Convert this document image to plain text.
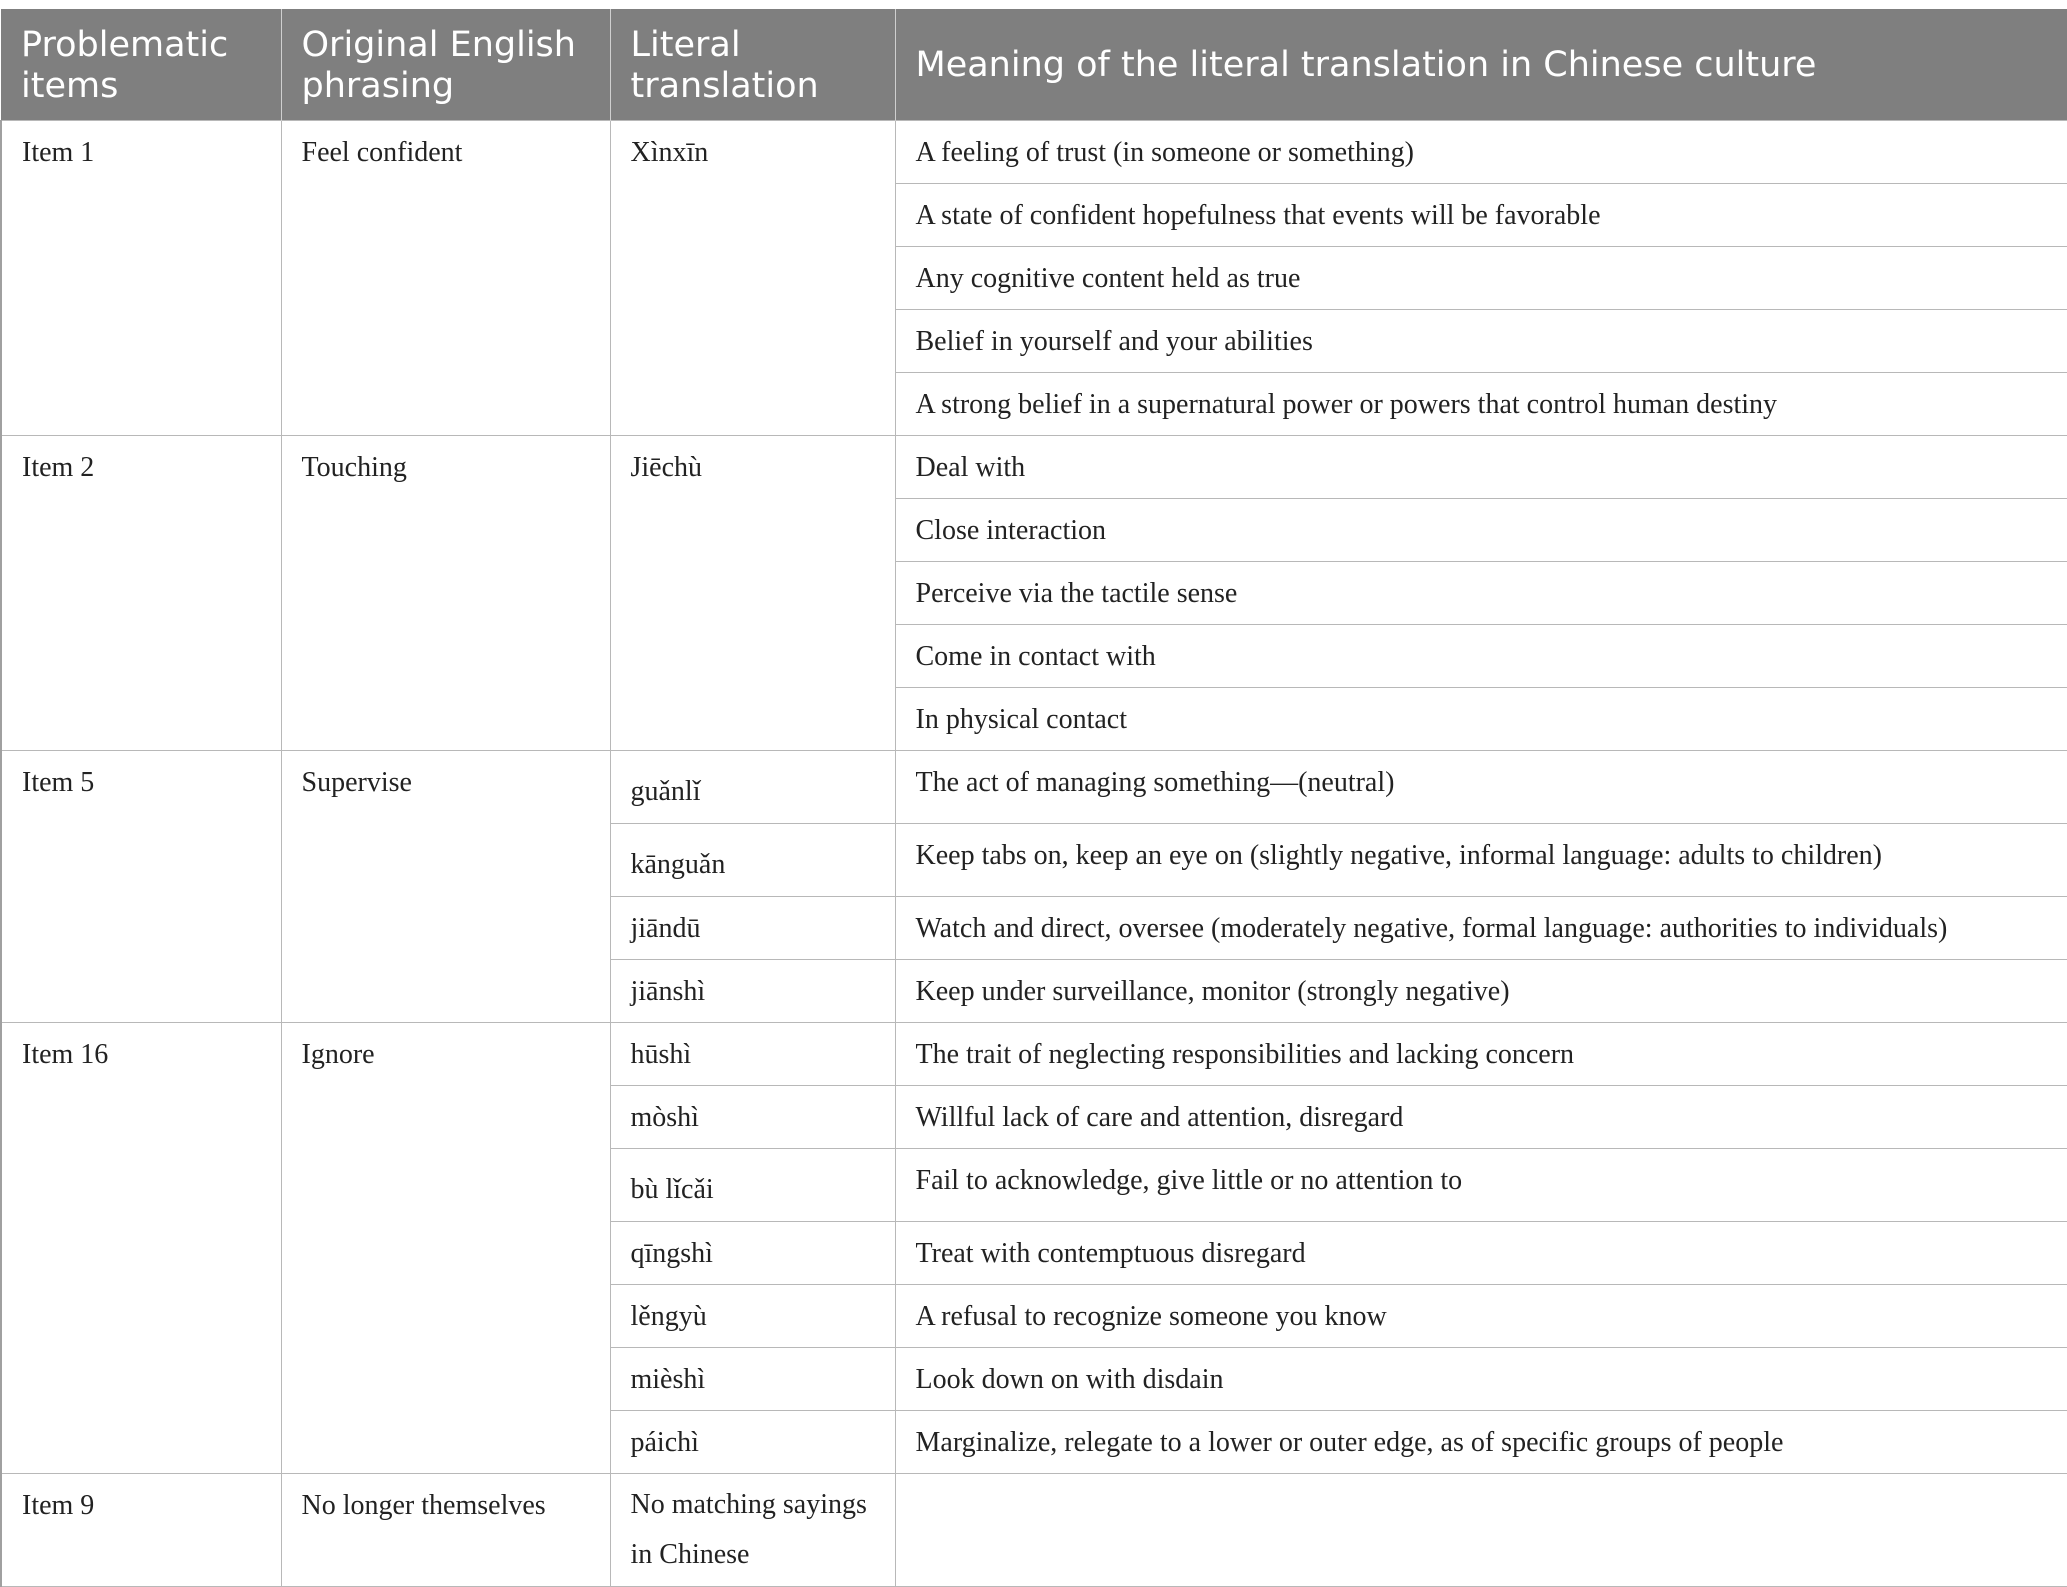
Problematic items	Original English phrasing	Literal translation	Meaning of the literal translation in Chinese culture
Item 1	Feel confident	Xìnxīn	A feeling of trust (in someone or something)
			A state of confident hopefulness that events will be favorable
			Any cognitive content held as true
			Belief in yourself and your abilities
			A strong belief in a supernatural power or powers that control human destiny
Item 2	Touching	Jiēchù	Deal with
			Close interaction
			Perceive via the tactile sense
			Come in contact with
			In physical contact
Item 5	Supervise	guǎnlǐ	The act of managing something—(neutral)
		kānguǎn	Keep tabs on, keep an eye on (slightly negative, informal language: adults to children)
		jiāndū	Watch and direct, oversee (moderately negative, formal language: authorities to individuals)
		jiānshì	Keep under surveillance, monitor (strongly negative)
Item 16	Ignore	hūshì	The trait of neglecting responsibilities and lacking concern
		mòshì	Willful lack of care and attention, disregard
		bù lǐcǎi	Fail to acknowledge, give little or no attention to
		qīngshì	Treat with contemptuous disregard
		lěngyù	A refusal to recognize someone you know
		mièshì	Look down on with disdain
		páichì	Marginalize, relegate to a lower or outer edge, as of specific groups of people
Item 9	No longer themselves	No matching sayings in Chinese	
